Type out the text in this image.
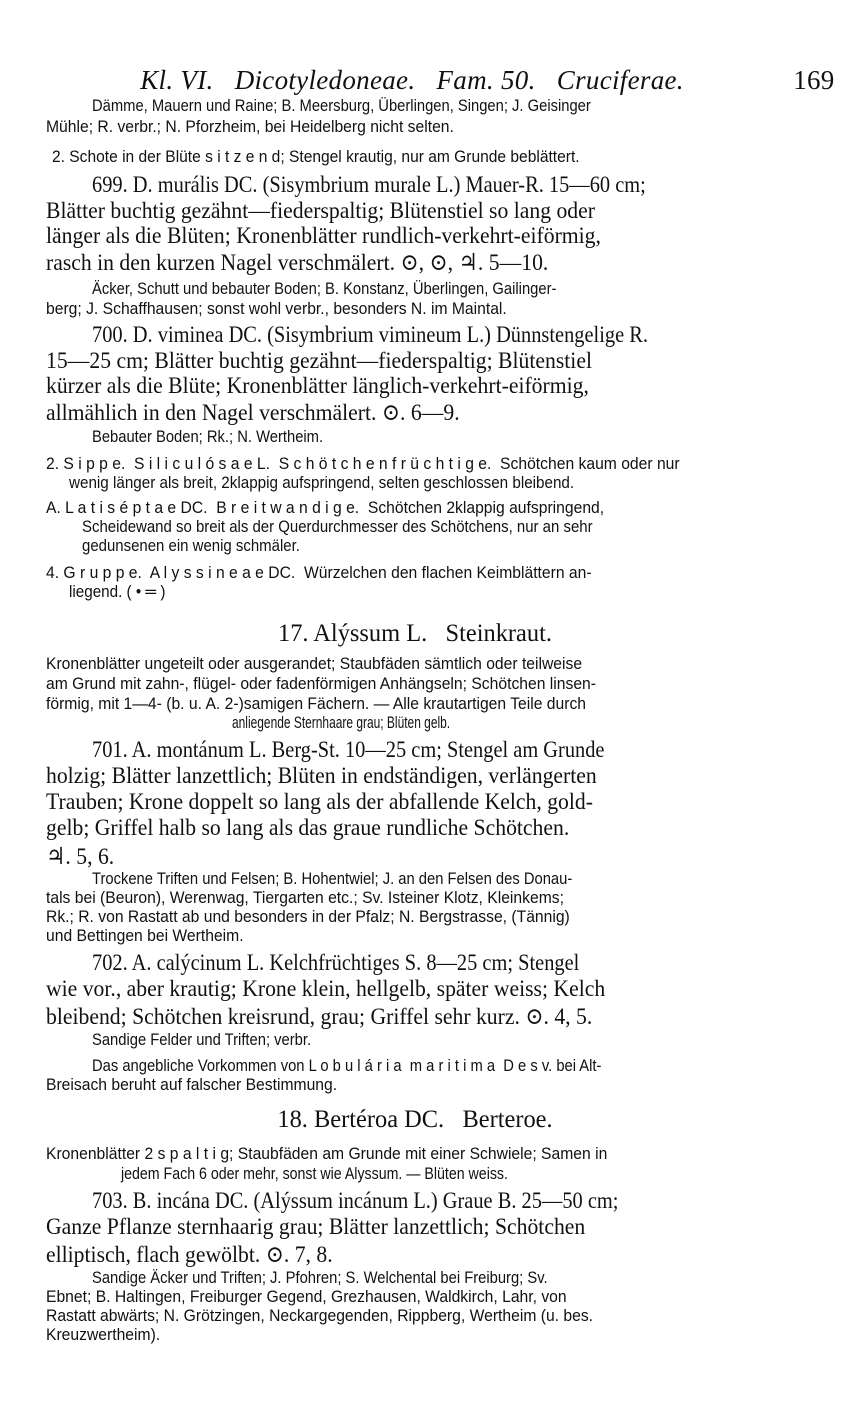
Kl. VI.   Dicotyledoneae.   Fam. 50.   Cruciferae.
	169

Dämme, Mauern und Raine; B. Meersburg, Überlingen, Singen; J. Geisinger
Mühle; R. verbr.; N. Pforzheim, bei Heidelberg nicht selten.
2. Schote in der Blüte s i t z e n d; Stengel krautig, nur am Grunde beblättert.
699. D. murális DC. (Sisymbrium murale L.) Mauer-R. 15—60 cm;
Blätter buchtig gezähnt—fiederspaltig; Blütenstiel so lang oder
länger als die Blüten; Kronenblätter rundlich-verkehrt-eiförmig,
rasch in den kurzen Nagel verschmälert. ⊙, ⊙, ♃. 5—10.
Äcker, Schutt und bebauter Boden; B. Konstanz, Überlingen, Gailinger-
berg; J. Schaffhausen; sonst wohl verbr., besonders N. im Maintal.
700. D. viminea DC. (Sisymbrium vimineum L.) Dünnstengelige R.
15—25 cm; Blätter buchtig gezähnt—fiederspaltig; Blütenstiel
kürzer als die Blüte; Kronenblätter länglich-verkehrt-eiförmig,
allmählich in den Nagel verschmälert. ⊙. 6—9.
Bebauter Boden; Rk.; N. Wertheim.
2. S i p p e.  S i l i c u l ó s a e L.  S c h ö t c h e n f r ü c h t i g e.  Schötchen kaum oder nur
wenig länger als breit, 2klappig aufspringend, selten geschlossen bleibend.
A. L a t i s é p t a e DC.  B r e i t w a n d i g e.  Schötchen 2klappig aufspringend,
Scheidewand so breit als der Querdurchmesser des Schötchens, nur an sehr
gedunsenen ein wenig schmäler.
4. G r u p p e.  A l y s s i n e a e DC.  Würzelchen den flachen Keimblättern an-
liegend. ( • ═ )
17. Alýssum L.   Steinkraut.
Kronenblätter ungeteilt oder ausgerandet; Staubfäden sämtlich oder teilweise
am Grund mit zahn-, flügel- oder fadenförmigen Anhängseln; Schötchen linsen-
förmig, mit 1—4- (b. u. A. 2-)samigen Fächern. — Alle krautartigen Teile durch
anliegende Sternhaare grau; Blüten gelb.
701. A. montánum L. Berg-St. 10—25 cm; Stengel am Grunde
holzig; Blätter lanzettlich; Blüten in endständigen, verlängerten
Trauben; Krone doppelt so lang als der abfallende Kelch, gold-
gelb; Griffel halb so lang als das graue rundliche Schötchen.
♃. 5, 6.
Trockene Triften und Felsen; B. Hohentwiel; J. an den Felsen des Donau-
tals bei (Beuron), Werenwag, Tiergarten etc.; Sv. Isteiner Klotz, Kleinkems;
Rk.; R. von Rastatt ab und besonders in der Pfalz; N. Bergstrasse, (Tännig)
und Bettingen bei Wertheim.
702. A. calýcinum L. Kelchfrüchtiges S. 8—25 cm; Stengel
wie vor., aber krautig; Krone klein, hellgelb, später weiss; Kelch
bleibend; Schötchen kreisrund, grau; Griffel sehr kurz. ⊙. 4, 5.
Sandige Felder und Triften; verbr.
Das angebliche Vorkommen von L o b u l á r i a  m a r i t i m a  D e s v. bei Alt-
Breisach beruht auf falscher Bestimmung.
18. Bertéroa DC.   Berteroe.
Kronenblätter 2 s p a l t i g; Staubfäden am Grunde mit einer Schwiele; Samen in
jedem Fach 6 oder mehr, sonst wie Alyssum. — Blüten weiss.
703. B. incána DC. (Alýssum incánum L.) Graue B. 25—50 cm;
Ganze Pflanze sternhaarig grau; Blätter lanzettlich; Schötchen
elliptisch, flach gewölbt. ⊙. 7, 8.
Sandige Äcker und Triften; J. Pfohren; S. Welchental bei Freiburg; Sv.
Ebnet; B. Haltingen, Freiburger Gegend, Grezhausen, Waldkirch, Lahr, von
Rastatt abwärts; N. Grötzingen, Neckargegenden, Rippberg, Wertheim (u. bes.
Kreuzwertheim).
